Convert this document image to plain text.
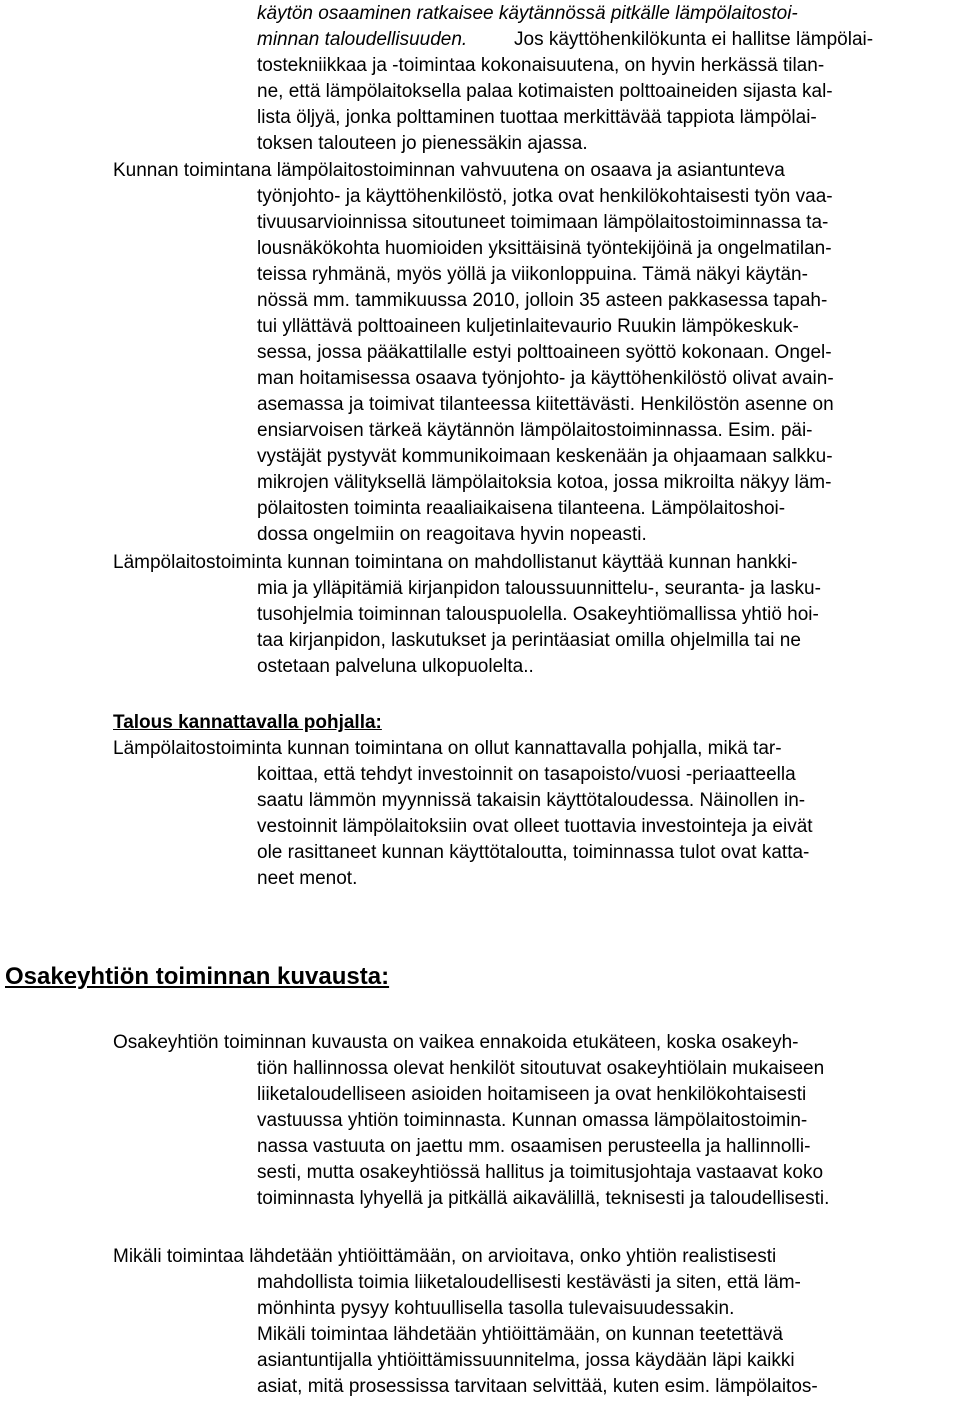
käytön osaaminen ratkaisee käytännössä pitkälle lämpölaitostoi-

minnan taloudellisuuden. Jos käyttöhenkilökunta ei hallitse lämpölai-

tostekniikkaa ja -toimintaa kokonaisuutena, on hyvin herkässä tilan-

ne, että lämpölaitoksella palaa kotimaisten polttoaineiden sijasta kal-

lista öljyä, jonka polttaminen tuottaa merkittävää tappiota lämpölai-

toksen talouteen jo pienessäkin ajassa.

Kunnan toimintana lämpölaitostoiminnan vahvuutena on osaava ja asiantunteva

työnjohto- ja käyttöhenkilöstö, jotka ovat henkilökohtaisesti työn vaa-

tivuusarvioinnissa sitoutuneet toimimaan lämpölaitostoiminnassa ta-

lousnäkökohta huomioiden yksittäisinä työntekijöinä ja ongelmatilan-

teissa ryhmänä, myös yöllä ja viikonloppuina. Tämä näkyi käytän-

nössä mm. tammikuussa 2010, jolloin 35 asteen pakkasessa tapah-

tui yllättävä polttoaineen kuljetinlaitevaurio Ruukin lämpökeskuk-

sessa, jossa pääkattilalle estyi polttoaineen syöttö kokonaan. Ongel-

man hoitamisessa osaava työnjohto- ja käyttöhenkilöstö olivat avain-

asemassa ja toimivat tilanteessa kiitettävästi. Henkilöstön asenne on

ensiarvoisen tärkeä käytännön lämpölaitostoiminnassa. Esim. päi-

vystäjät pystyvät kommunikoimaan keskenään ja ohjaamaan salkku-

mikrojen välityksellä lämpölaitoksia kotoa, jossa mikroilta näkyy läm-

pölaitosten toiminta reaaliaikaisena tilanteena. Lämpölaitoshoi-

dossa ongelmiin on reagoitava hyvin nopeasti.

Lämpölaitostoiminta kunnan toimintana on mahdollistanut käyttää kunnan hankki-

mia ja ylläpitämiä kirjanpidon taloussuunnittelu-, seuranta- ja lasku-

tusohjelmia toiminnan talouspuolella. Osakeyhtiömallissa yhtiö hoi-

taa kirjanpidon, laskutukset ja perintäasiat omilla ohjelmilla tai ne

ostetaan palveluna ulkopuolelta..

Talous kannattavalla pohjalla:

Lämpölaitostoiminta kunnan toimintana on ollut kannattavalla pohjalla, mikä tar-

koittaa, että tehdyt investoinnit on tasapoisto/vuosi -periaatteella

saatu lämmön myynnissä takaisin käyttötaloudessa. Näinollen in-

vestoinnit lämpölaitoksiin ovat olleet tuottavia investointeja ja eivät

ole rasittaneet kunnan käyttötaloutta, toiminnassa tulot ovat katta-

neet menot.

Osakeyhtiön toiminnan kuvausta:

Osakeyhtiön toiminnan kuvausta on vaikea ennakoida etukäteen, koska osakeyh-

tiön hallinnossa olevat henkilöt sitoutuvat osakeyhtiölain mukaiseen

liiketaloudelliseen asioiden hoitamiseen ja ovat henkilökohtaisesti

vastuussa yhtiön toiminnasta. Kunnan omassa lämpölaitostoimin-

nassa vastuuta on jaettu mm. osaamisen perusteella ja hallinnolli-

sesti, mutta osakeyhtiössä hallitus ja toimitusjohtaja vastaavat koko

toiminnasta lyhyellä ja pitkällä aikavälillä, teknisesti ja taloudellisesti.

Mikäli toimintaa lähdetään yhtiöittämään, on arvioitava, onko yhtiön realistisesti

mahdollista toimia liiketaloudellisesti kestävästi ja siten, että läm-

mönhinta pysyy kohtuullisella tasolla tulevaisuudessakin.

Mikäli toimintaa lähdetään yhtiöittämään, on kunnan teetettävä

asiantuntijalla yhtiöittämissuunnitelma, jossa käydään läpi kaikki

asiat, mitä prosessissa tarvitaan selvittää, kuten esim. lämpölaitos-
